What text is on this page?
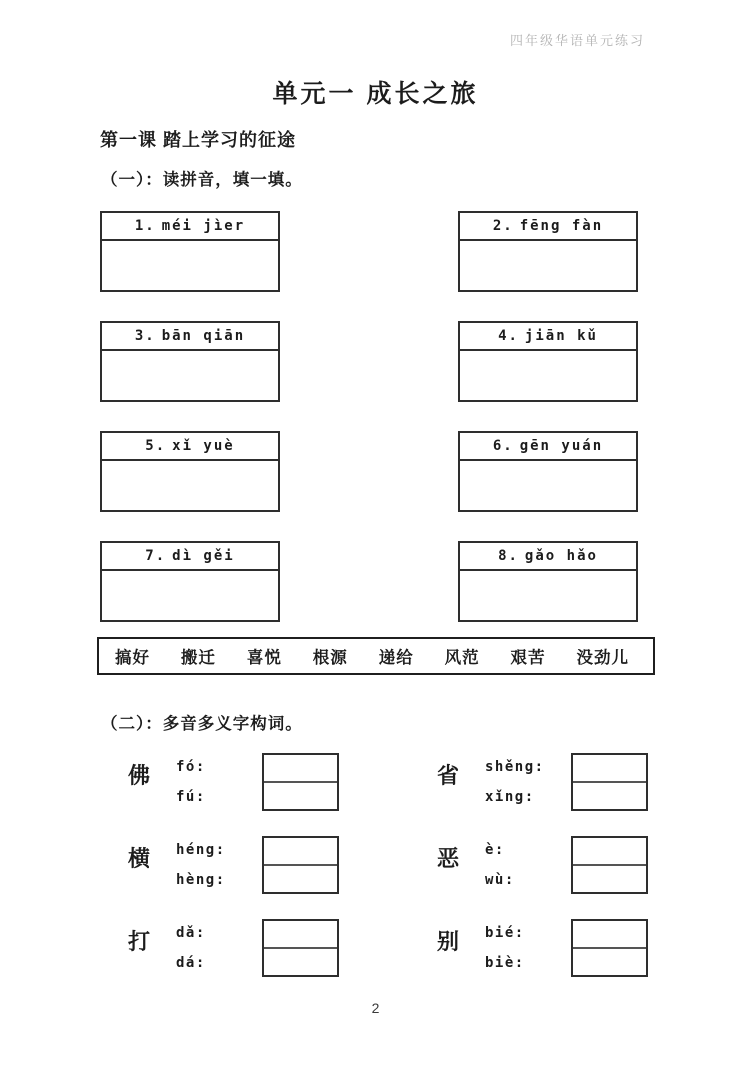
四年级华语单元练习
单元一 成长之旅
第一课 踏上学习的征途
（一）：读拼音，填一填。
1. méi jìer	2. fēng fàn
3. bān qiān	4. jiān kǔ
5. xǐ yuè	6. gēn yuán
7. dì gěi	8. gǎo hǎo
搞好 搬迁 喜悦 根源 递给 风范 艰苦 没劲儿
（二）：多音多义字构词。
佛	fó:
fú:
省	shěng:
xǐng:
横	héng:
hèng:
恶	è:
wù:
打	dǎ:
dá:
别	bié:
biè:
2
